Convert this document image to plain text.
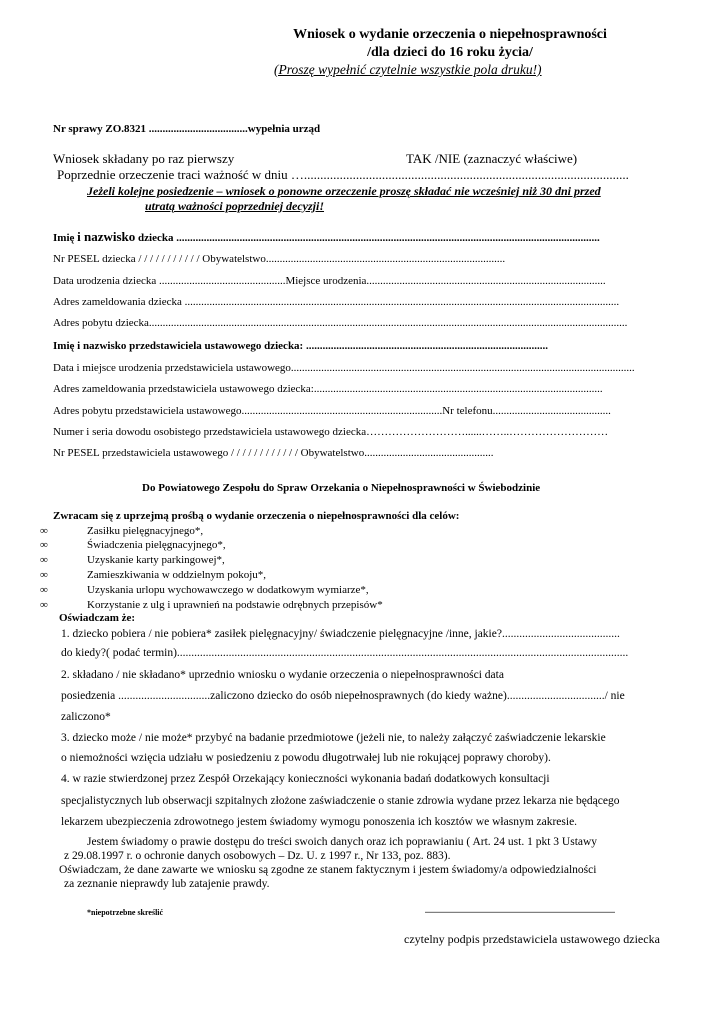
Wniosek o wydanie orzeczenia o niepełnosprawności
/dla dzieci do 16 roku życia/
(Proszę wypełnić czytelnie wszystkie pola druku!)
Nr sprawy ZO.8321 ....................................wypełnia urząd
Wniosek składany po raz pierwszy	TAK /NIE (zaznaczyć właściwe)
Poprzednie orzeczenie traci ważność w dniu …....................................................................................................
Jeżeli kolejne posiedzenie – wniosek o ponowne orzeczenie proszę składać nie wcześniej niż 30 dni przed
utratą ważności poprzedniej decyzji!
Imię i nazwisko dziecka ..........................................................................................................................................................
Nr PESEL dziecka / / / / / / / / / / / Obywatelstwo.......................................................................................
Data urodzenia dziecka ..............................................Miejsce urodzenia.......................................................................................
Adres zameldowania dziecka ..............................................................................................................................................................
Adres pobytu dziecka..............................................................................................................................................................................
Imię i nazwisko przedstawiciela ustawowego dziecka: ........................................................................................
Data i miejsce urodzenia przedstawiciela ustawowego.............................................................................................................................
Adres zameldowania przedstawiciela ustawowego dziecka:.........................................................................................................
Adres pobytu przedstawiciela ustawowego.........................................................................Nr telefonu...........................................
Numer i seria dowodu osobistego przedstawiciela ustawowego dziecka………………………......……..………………………
Nr PESEL przedstawiciela ustawowego / / / / / / / / / / / / Obywatelstwo...............................................
Do Powiatowego Zespołu do Spraw Orzekania o Niepełnosprawności w Świebodzinie
Zwracam się z uprzejmą prośbą o wydanie orzeczenia o niepełnosprawności dla celów:
∞	Zasiłku pielęgnacyjnego*,
∞	Świadczenia pielęgnacyjnego*,
∞	Uzyskanie karty parkingowej*,
∞	Zamieszkiwania w oddzielnym pokoju*,
∞	Uzyskania urlopu wychowawczego w dodatkowym wymiarze*,
∞	Korzystanie z ulg i uprawnień na podstawie odrębnych przepisów*
Oświadczam że:
1. dziecko pobiera / nie pobiera* zasiłek pielęgnacyjny/ świadczenie pielęgnacyjne /inne, jakie?.........................................
do kiedy?( podać termin).............................................................................................................................................................
2. składano / nie składano* uprzednio wniosku o wydanie orzeczenia o niepełnosprawności data
posiedzenia ................................zaliczono dziecko do osób niepełnosprawnych (do kiedy ważne)................................../ nie
zaliczono*
3. dziecko może / nie może* przybyć na badanie przedmiotowe (jeżeli nie, to należy załączyć zaświadczenie lekarskie
o niemożności wzięcia udziału w posiedzeniu z powodu długotrwałej lub nie rokującej poprawy choroby).
4. w razie stwierdzonej przez Zespół Orzekający konieczności wykonania badań dodatkowych konsultacji
specjalistycznych lub obserwacji szpitalnych złożone zaświadczenie o stanie zdrowia wydane przez lekarza nie będącego
lekarzem ubezpieczenia zdrowotnego jestem świadomy wymogu ponoszenia ich kosztów we własnym zakresie.
Jestem świadomy o prawie dostępu do treści swoich danych oraz ich poprawianiu ( Art. 24 ust. 1 pkt 3 Ustawy
z 29.08.1997 r. o ochronie danych osobowych – Dz. U. z 1997 r., Nr 133, poz. 883).
Oświadczam, że dane zawarte we wniosku są zgodne ze stanem faktycznym i jestem świadomy/a odpowiedzialności
za zeznanie nieprawdy lub zatajenie prawdy.
*niepotrzebne skreślić	...............................................................................................
czytelny podpis przedstawiciela ustawowego dziecka
